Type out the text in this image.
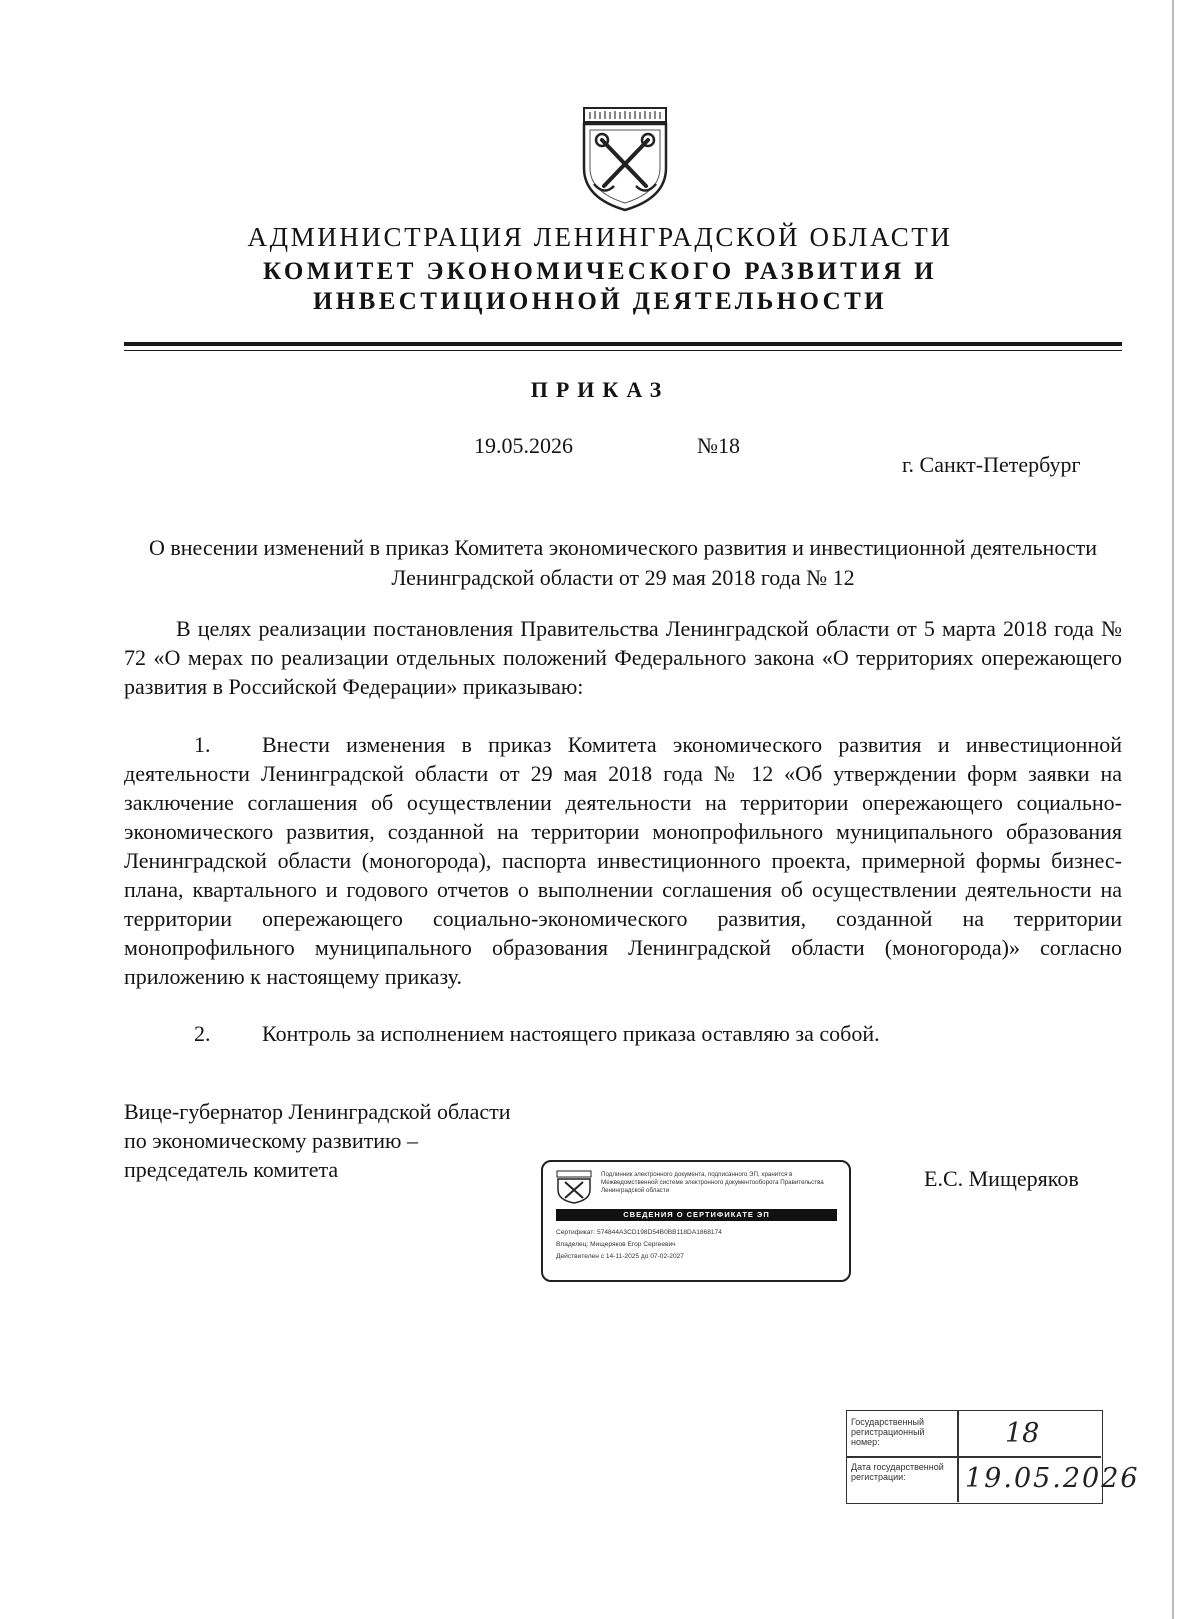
АДМИНИСТРАЦИЯ ЛЕНИНГРАДСКОЙ ОБЛАСТИ
КОМИТЕТ ЭКОНОМИЧЕСКОГО РАЗВИТИЯ И
ИНВЕСТИЦИОННОЙ ДЕЯТЕЛЬНОСТИ
ПРИКАЗ
19.05.2026	№18
г. Санкт-Петербург
О внесении изменений в приказ Комитета экономического развития и инвестиционной деятельности Ленинградской области от 29 мая 2018 года № 12
В целях реализации постановления Правительства Ленинградской области от 5 марта 2018 года № 72 «О мерах по реализации отдельных положений Федерального закона «О территориях опережающего развития в Российской Федерации» приказываю:
1. Внести изменения в приказ Комитета экономического развития и инвестиционной деятельности Ленинградской области от 29 мая 2018 года № 12 «Об утверждении форм заявки на заключение соглашения об осуществлении деятельности на территории опережающего социально-экономического развития, созданной на территории монопрофильного муниципального образования Ленинградской области (моногорода), паспорта инвестиционного проекта, примерной формы бизнес-плана, квартального и годового отчетов о выполнении соглашения об осуществлении деятельности на территории опережающего социально-экономического развития, созданной на территории монопрофильного муниципального образования Ленинградской области (моногорода)» согласно приложению к настоящему приказу.
2. Контроль за исполнением настоящего приказа оставляю за собой.
Вице-губернатор Ленинградской области
по экономическому развитию –
председатель комитета	Е.С. Мищеряков
Подлинник электронного документа, подписанного ЭП, хранится в Межведомственной системе электронного документооборота Правительства Ленинградской области
СВЕДЕНИЯ О СЕРТИФИКАТЕ ЭП
Сертификат: 574844A3CD198D54B0BB118DA1868174
Владелец: Мищеряков Егор Сергеевич
Действителен с 14-11-2025 до 07-02-2027
Государственный регистрационный номер:	18
Дата государственной регистрации:	19.05.2026
